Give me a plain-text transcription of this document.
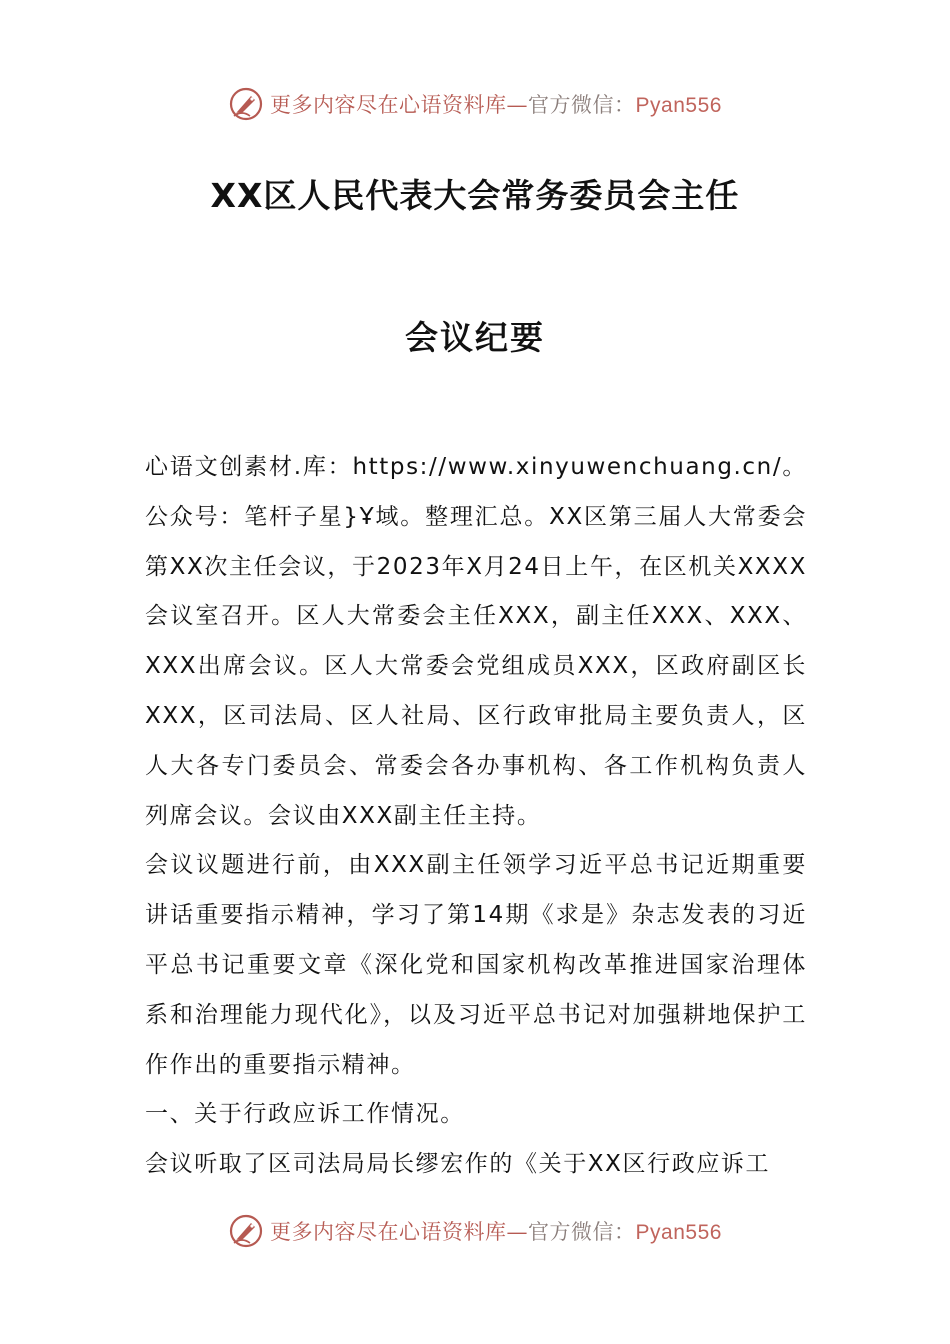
更多内容尽在心语资料库—官方微信：Pyan556
XX区人民代表大会常务委员会主任
会议纪要

心语文创素材.库：https://www.xinyuwenchuang.cn/。公众号：笔杆子星}Ұ域。整理汇总。XX区第三届人大常委会第XX次主任会议，于2023年X月24日上午，在区机关XXXX会议室召开。区人大常委会主任XXX，副主任XXX、XXX、XXX出席会议。区人大常委会党组成员XXX，区政府副区长XXX，区司法局、区人社局、区行政审批局主要负责人，区人大各专门委员会、常委会各办事机构、各工作机构负责人列席会议。会议由XXX副主任主持。

会议议题进行前，由XXX副主任领学习近平总书记近期重要讲话重要指示精神，学习了第14期《求是》杂志发表的习近平总书记重要文章《深化党和国家机构改革推进国家治理体系和治理能力现代化》，以及习近平总书记对加强耕地保护工作作出的重要指示精神。

一、关于行政应诉工作情况。

会议听取了区司法局局长缪宏作的《关于XX区行政应诉工

更多内容尽在心语资料库—官方微信：Pyan556
